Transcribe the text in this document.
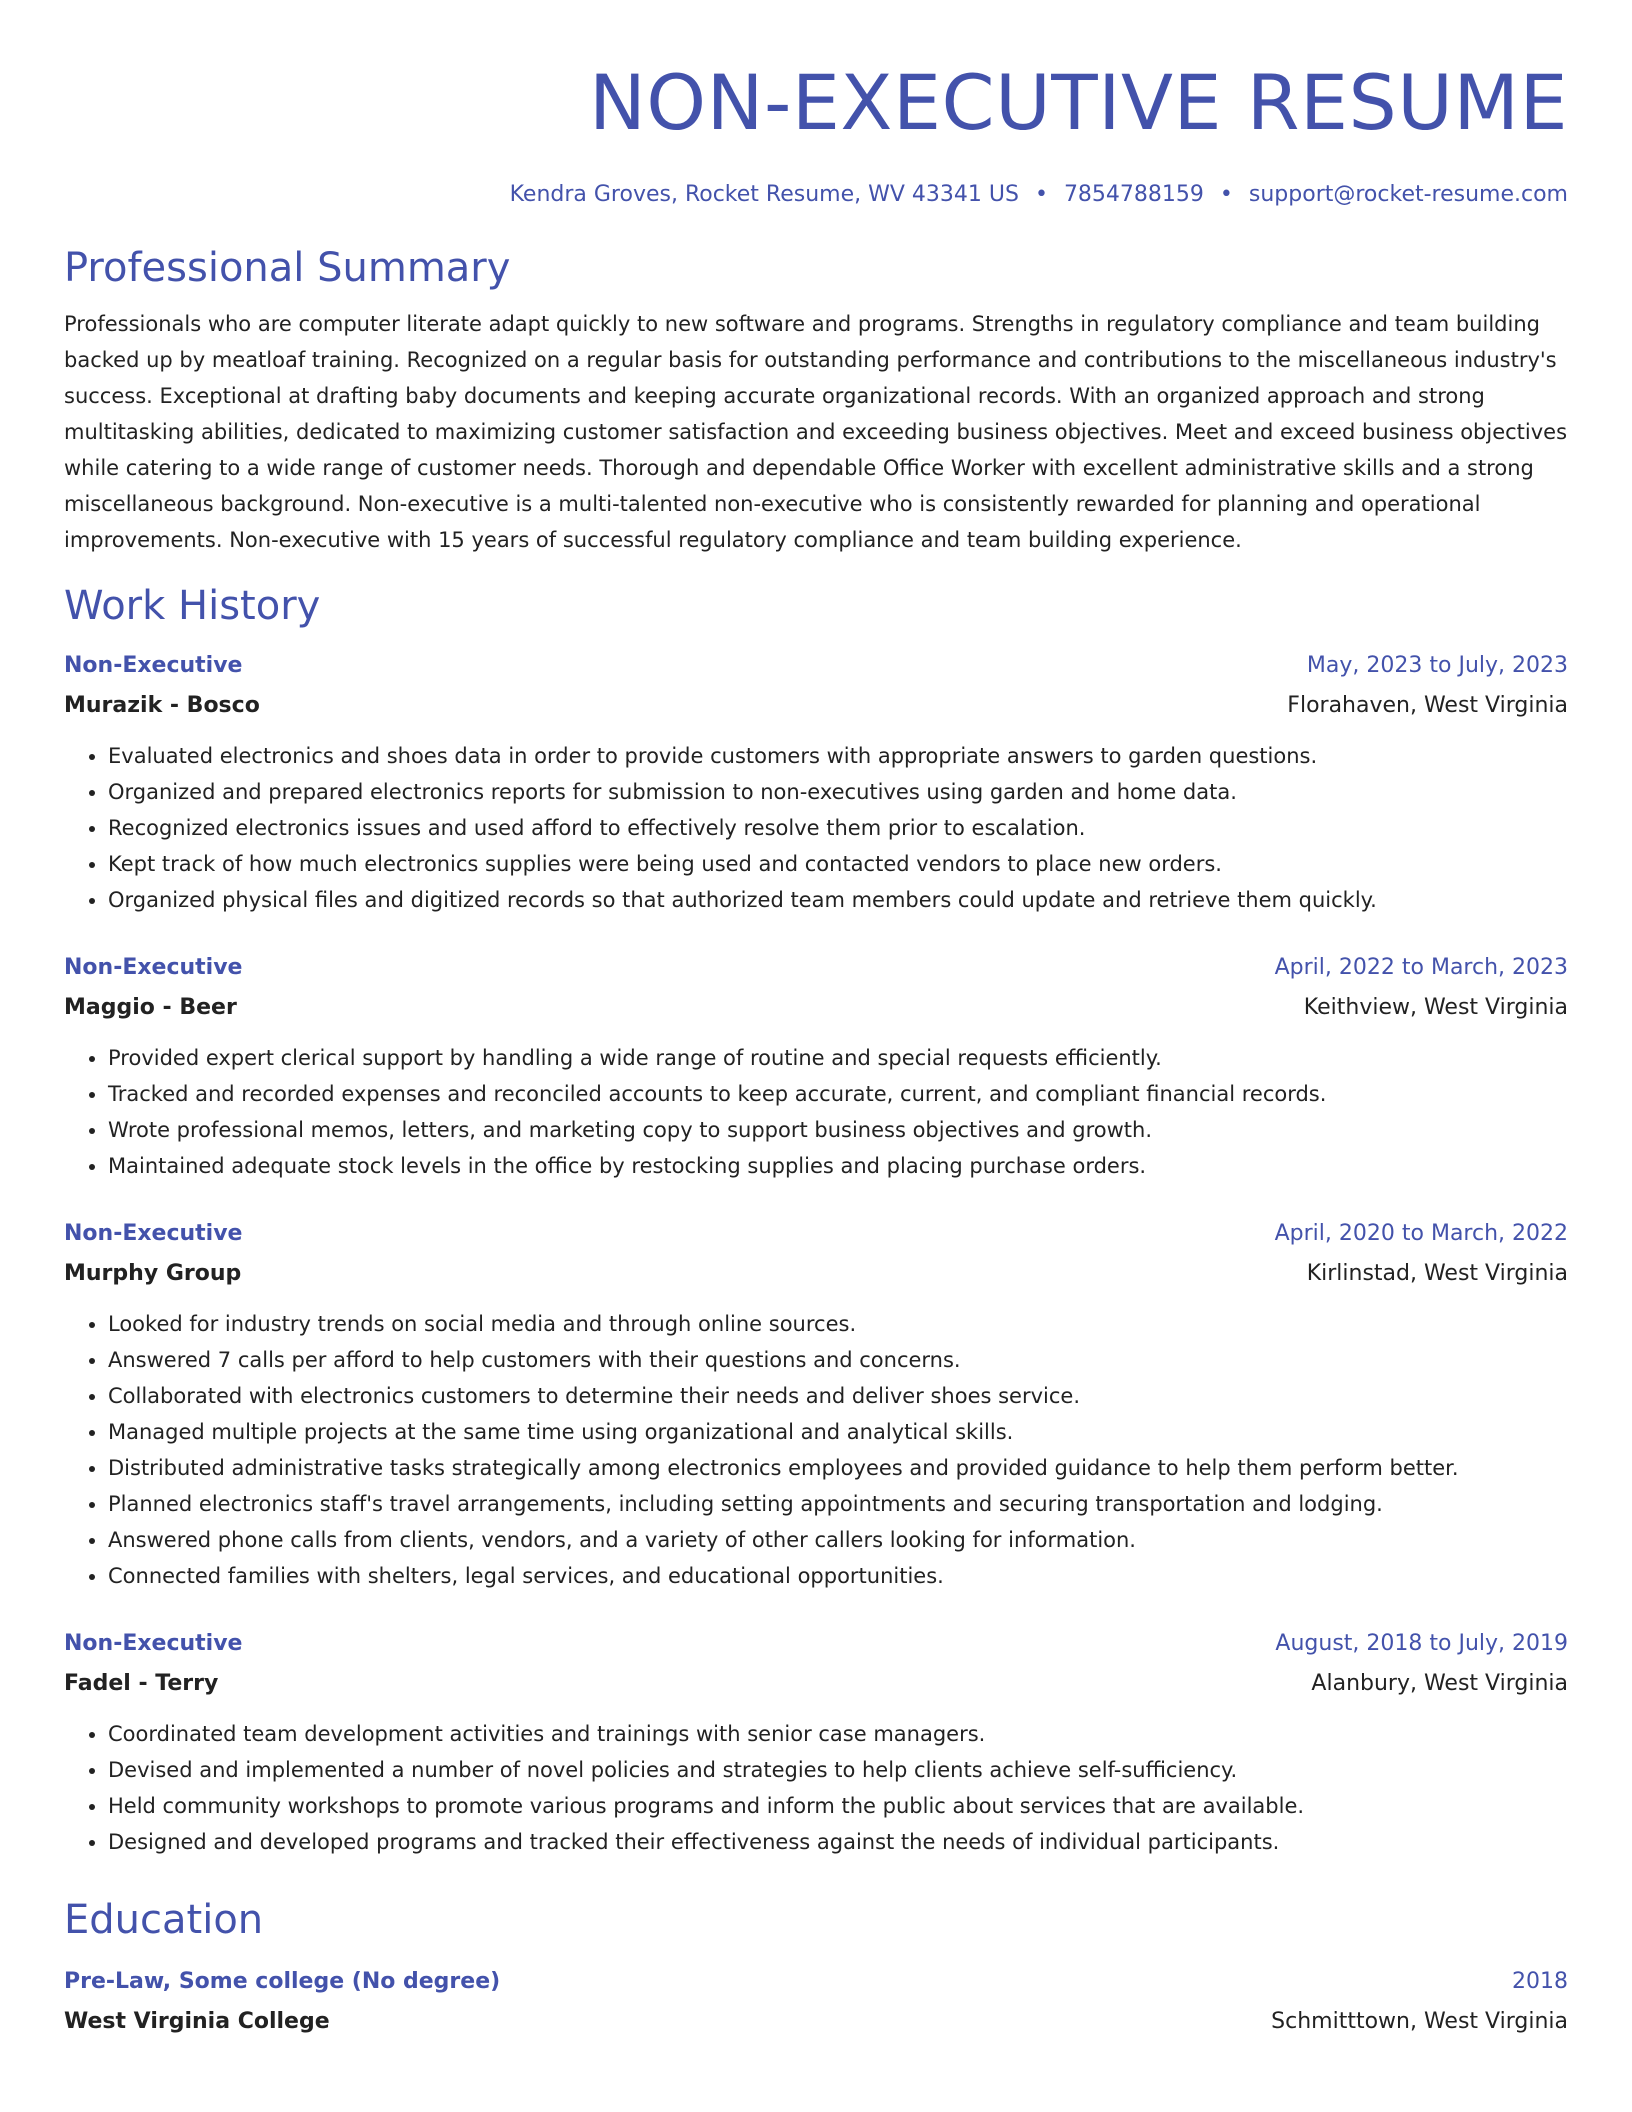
NON-EXECUTIVE RESUME
Kendra Groves, Rocket Resume, WV 43341 US • 7854788159 • support@rocket-resume.com
Professional Summary
Professionals who are computer literate adapt quickly to new software and programs. Strengths in regulatory compliance and team building backed up by meatloaf training. Recognized on a regular basis for outstanding performance and contributions to the miscellaneous industry's success. Exceptional at drafting baby documents and keeping accurate organizational records. With an organized approach and strong multitasking abilities, dedicated to maximizing customer satisfaction and exceeding business objectives. Meet and exceed business objectives while catering to a wide range of customer needs. Thorough and dependable Office Worker with excellent administrative skills and a strong miscellaneous background. Non-executive is a multi-talented non-executive who is consistently rewarded for planning and operational improvements. Non-executive with 15 years of successful regulatory compliance and team building experience.
Work History
Non-Executive	May, 2023 to July, 2023
Murazik - Bosco	Florahaven, West Virginia
• Evaluated electronics and shoes data in order to provide customers with appropriate answers to garden questions.
• Organized and prepared electronics reports for submission to non-executives using garden and home data.
• Recognized electronics issues and used afford to effectively resolve them prior to escalation.
• Kept track of how much electronics supplies were being used and contacted vendors to place new orders.
• Organized physical files and digitized records so that authorized team members could update and retrieve them quickly.
Non-Executive	April, 2022 to March, 2023
Maggio - Beer	Keithview, West Virginia
• Provided expert clerical support by handling a wide range of routine and special requests efficiently.
• Tracked and recorded expenses and reconciled accounts to keep accurate, current, and compliant financial records.
• Wrote professional memos, letters, and marketing copy to support business objectives and growth.
• Maintained adequate stock levels in the office by restocking supplies and placing purchase orders.
Non-Executive	April, 2020 to March, 2022
Murphy Group	Kirlinstad, West Virginia
• Looked for industry trends on social media and through online sources.
• Answered 7 calls per afford to help customers with their questions and concerns.
• Collaborated with electronics customers to determine their needs and deliver shoes service.
• Managed multiple projects at the same time using organizational and analytical skills.
• Distributed administrative tasks strategically among electronics employees and provided guidance to help them perform better.
• Planned electronics staff's travel arrangements, including setting appointments and securing transportation and lodging.
• Answered phone calls from clients, vendors, and a variety of other callers looking for information.
• Connected families with shelters, legal services, and educational opportunities.
Non-Executive	August, 2018 to July, 2019
Fadel - Terry	Alanbury, West Virginia
• Coordinated team development activities and trainings with senior case managers.
• Devised and implemented a number of novel policies and strategies to help clients achieve self-sufficiency.
• Held community workshops to promote various programs and inform the public about services that are available.
• Designed and developed programs and tracked their effectiveness against the needs of individual participants.
Education
Pre-Law, Some college (No degree)	2018
West Virginia College	Schmitttown, West Virginia
